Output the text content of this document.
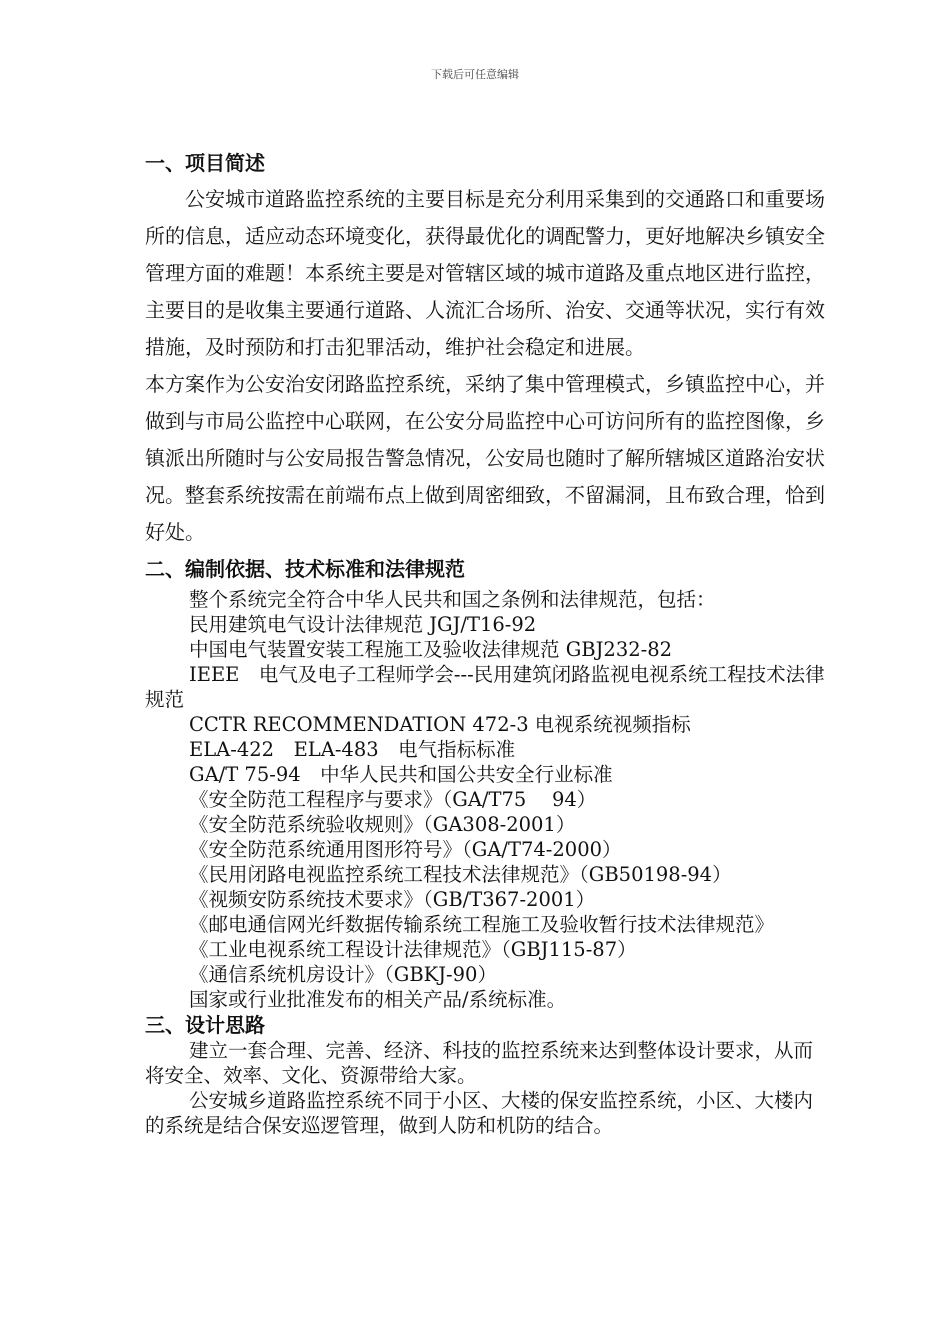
下载后可任意编辑
一、项目简述

公安城市道路监控系统的主要目标是充分利用采集到的交通路口和重要场所的信息，适应动态环境变化，获得最优化的调配警力，更好地解决乡镇安全管理方面的难题！本系统主要是对管辖区域的城市道路及重点地区进行监控，主要目的是收集主要通行道路、人流汇合场所、治安、交通等状况，实行有效措施，及时预防和打击犯罪活动，维护社会稳定和进展。

本方案作为公安治安闭路监控系统，采纳了集中管理模式，乡镇监控中心，并做到与市局公监控中心联网，在公安分局监控中心可访问所有的监控图像，乡镇派出所随时与公安局报告警急情况，公安局也随时了解所辖城区道路治安状况。整套系统按需在前端布点上做到周密细致，不留漏洞，且布致合理，恰到好处。

二、编制依据、技术标准和法律规范

整个系统完全符合中华人民共和国之条例和法律规范，包括：

民用建筑电气设计法律规范 JGJ/T16-92

中国电气装置安装工程施工及验收法律规范 GBJ232-82

IEEE　电气及电子工程师学会---民用建筑闭路监视电视系统工程技术法律规范

CCTR RECOMMENDATION 472-3 电视系统视频指标

ELA-422　ELA-483　电气指标标准

GA/T 75-94　中华人民共和国公共安全行业标准

《安全防范工程程序与要求》（GA/T75　 94）

《安全防范系统验收规则》（GA308-2001）

《安全防范系统通用图形符号》（GA/T74-2000）

《民用闭路电视监控系统工程技术法律规范》（GB50198-94）

《视频安防系统技术要求》（GB/T367-2001）

《邮电通信网光纤数据传输系统工程施工及验收暂行技术法律规范》

《工业电视系统工程设计法律规范》（GBJ115-87）

《通信系统机房设计》（GBKJ-90）

国家或行业批准发布的相关产品/系统标准。

三、设计思路

建立一套合理、完善、经济、科技的监控系统来达到整体设计要求，从而将安全、效率、文化、资源带给大家。

公安城乡道路监控系统不同于小区、大楼的保安监控系统，小区、大楼内的系统是结合保安巡逻管理，做到人防和机防的结合。
